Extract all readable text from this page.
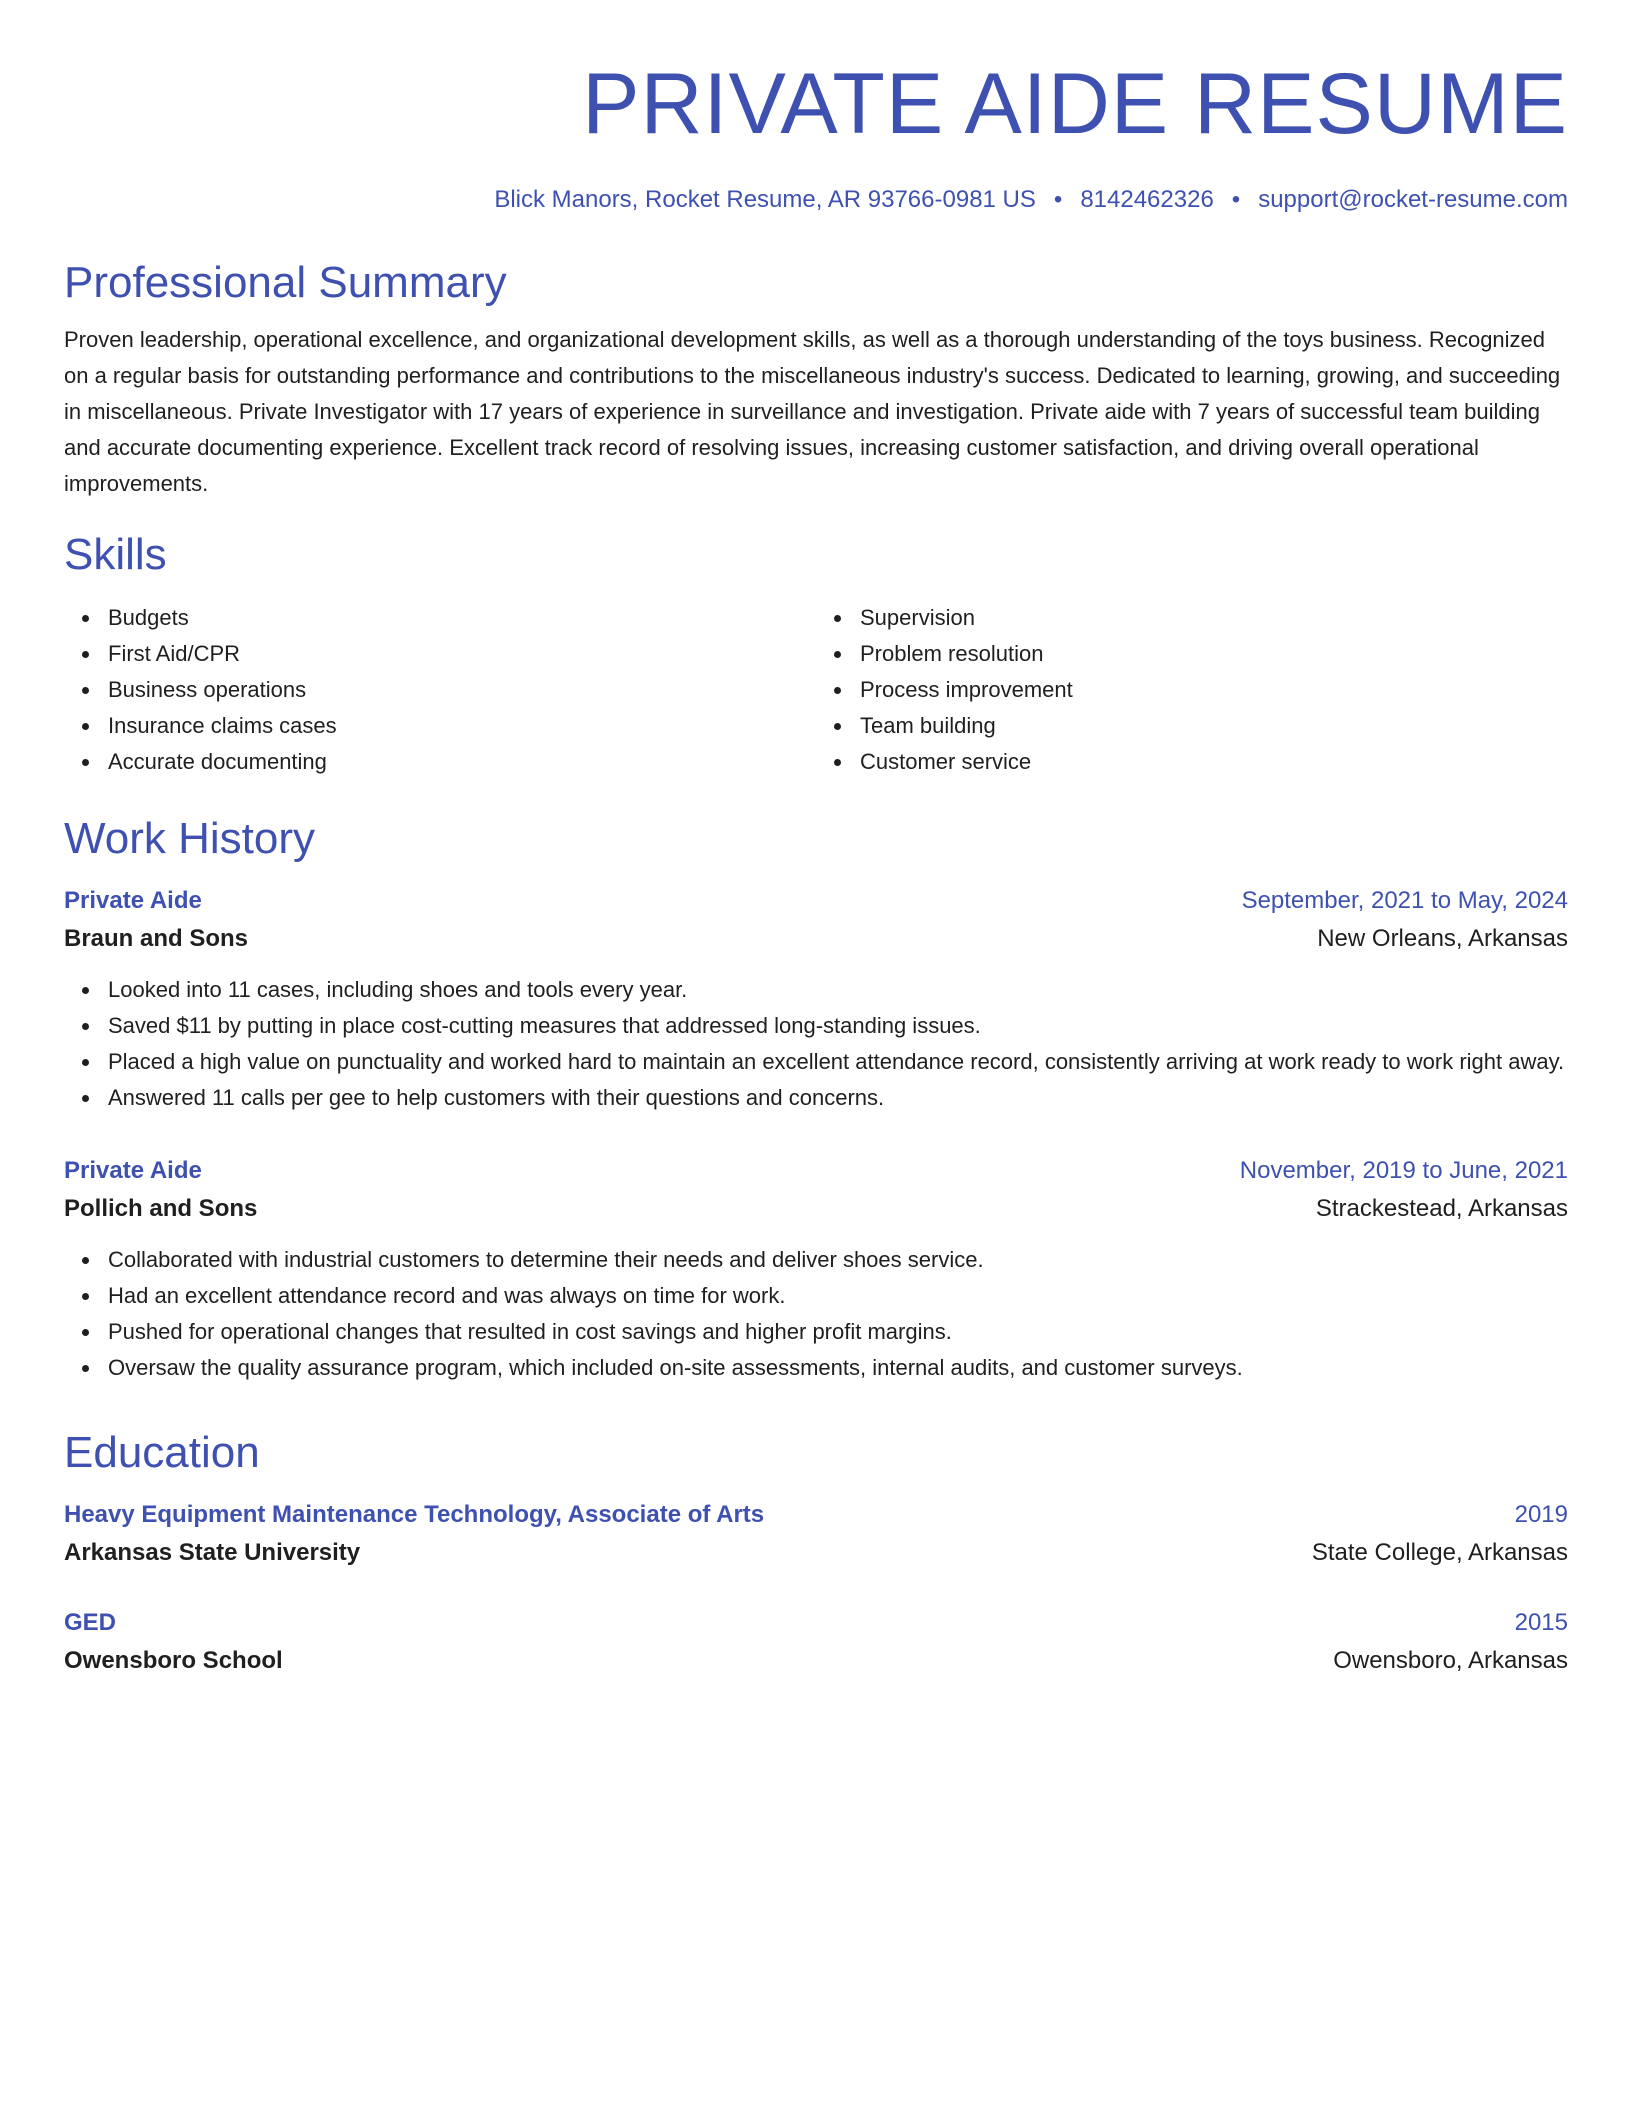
PRIVATE AIDE RESUME
Blick Manors, Rocket Resume, AR 93766-0981 US • 8142462326 • support@rocket-resume.com
Professional Summary
Proven leadership, operational excellence, and organizational development skills, as well as a thorough understanding of the toys business. Recognized on a regular basis for outstanding performance and contributions to the miscellaneous industry's success. Dedicated to learning, growing, and succeeding in miscellaneous. Private Investigator with 17 years of experience in surveillance and investigation. Private aide with 7 years of successful team building and accurate documenting experience. Excellent track record of resolving issues, increasing customer satisfaction, and driving overall operational improvements.
Skills
Budgets
First Aid/CPR
Business operations
Insurance claims cases
Accurate documenting
Supervision
Problem resolution
Process improvement
Team building
Customer service
Work History
Private Aide	September, 2021 to May, 2024
Braun and Sons	New Orleans, Arkansas
Looked into 11 cases, including shoes and tools every year.
Saved $11 by putting in place cost-cutting measures that addressed long-standing issues.
Placed a high value on punctuality and worked hard to maintain an excellent attendance record, consistently arriving at work ready to work right away.
Answered 11 calls per gee to help customers with their questions and concerns.
Private Aide	November, 2019 to June, 2021
Pollich and Sons	Strackestead, Arkansas
Collaborated with industrial customers to determine their needs and deliver shoes service.
Had an excellent attendance record and was always on time for work.
Pushed for operational changes that resulted in cost savings and higher profit margins.
Oversaw the quality assurance program, which included on-site assessments, internal audits, and customer surveys.
Education
Heavy Equipment Maintenance Technology, Associate of Arts	2019
Arkansas State University	State College, Arkansas
GED	2015
Owensboro School	Owensboro, Arkansas
